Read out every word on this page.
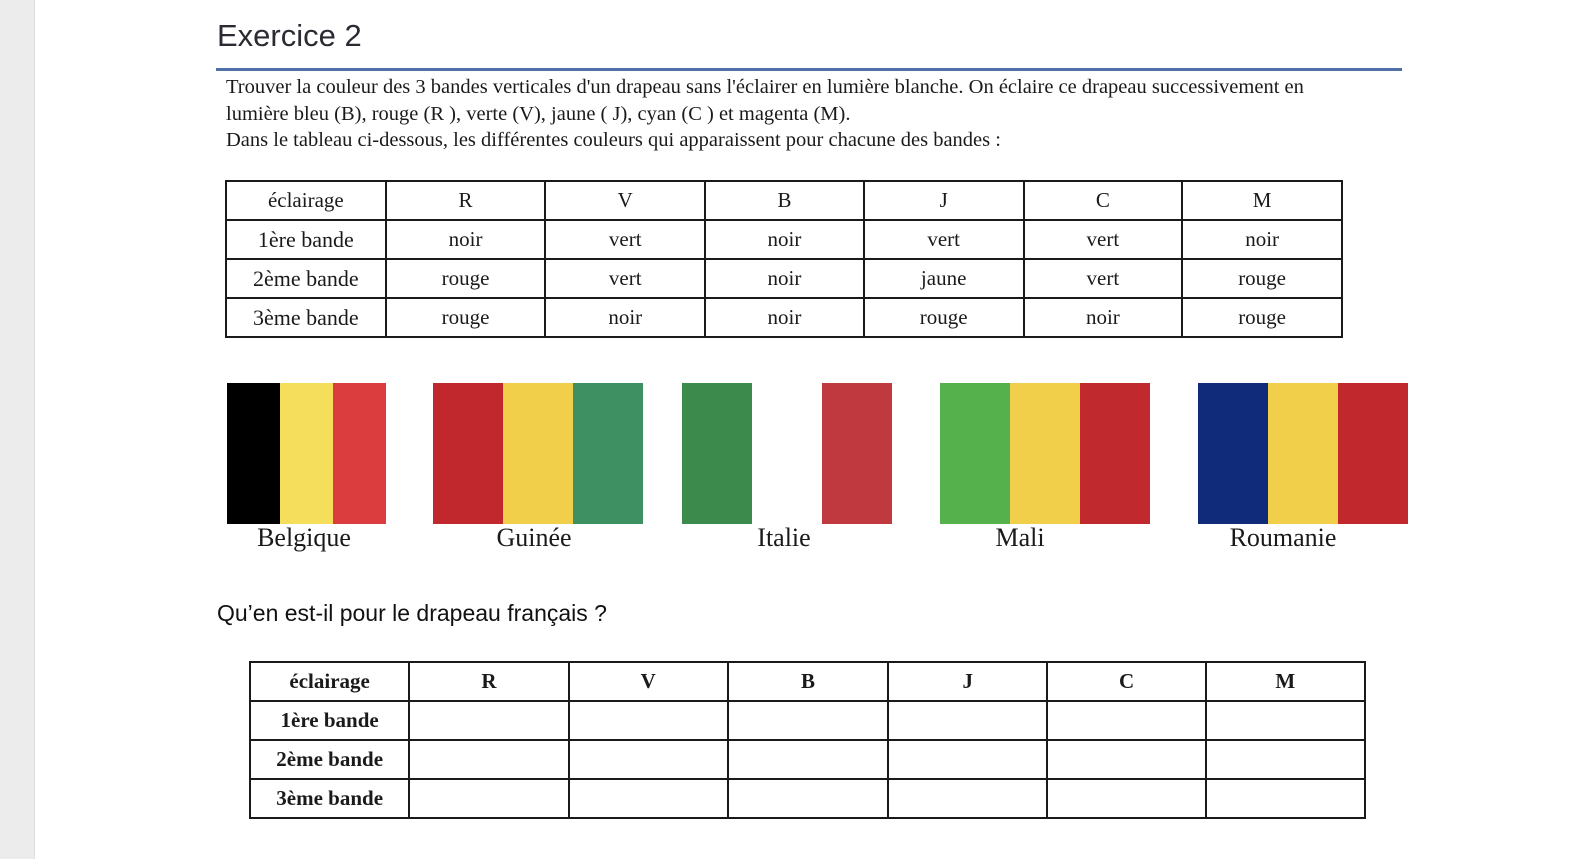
Exercice 2
Trouver la couleur des 3 bandes verticales d'un drapeau sans l'éclairer en lumière blanche. On éclaire ce drapeau successivement en
lumière bleu (B), rouge (R ), verte (V), jaune ( J), cyan (C ) et magenta (M).
Dans le tableau ci-dessous, les différentes couleurs qui apparaissent pour chacune des bandes :
éclairage	R	V	B	J	C	M
1ère bande	noir	vert	noir	vert	vert	noir
2ème bande	rouge	vert	noir	jaune	vert	rouge
3ème bande	rouge	noir	noir	rouge	noir	rouge
Belgique	Guinée	Italie	Mali	Roumanie
Qu’en est-il pour le drapeau français ?
éclairage	R	V	B	J	C	M
1ère bande						
2ème bande						
3ème bande						
